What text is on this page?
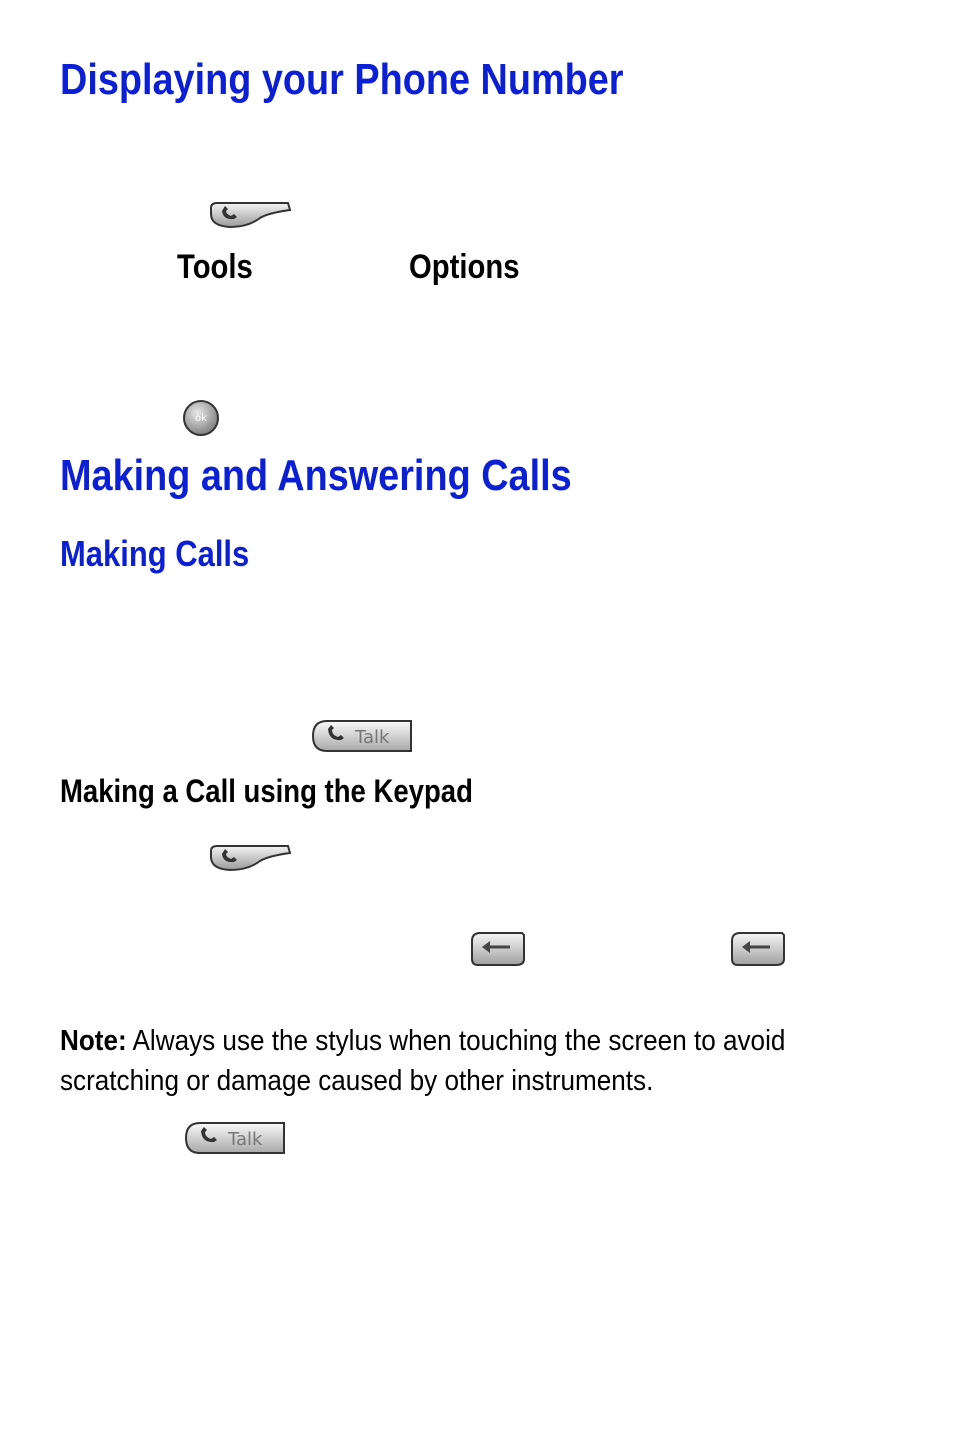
Displaying your Phone Number
Tools	Options
ok
Making and Answering Calls
Making Calls
Talk
Making a Call using the Keypad
Note: Always use the stylus when touching the screen to avoid scratching or damage caused by other instruments.
Talk
